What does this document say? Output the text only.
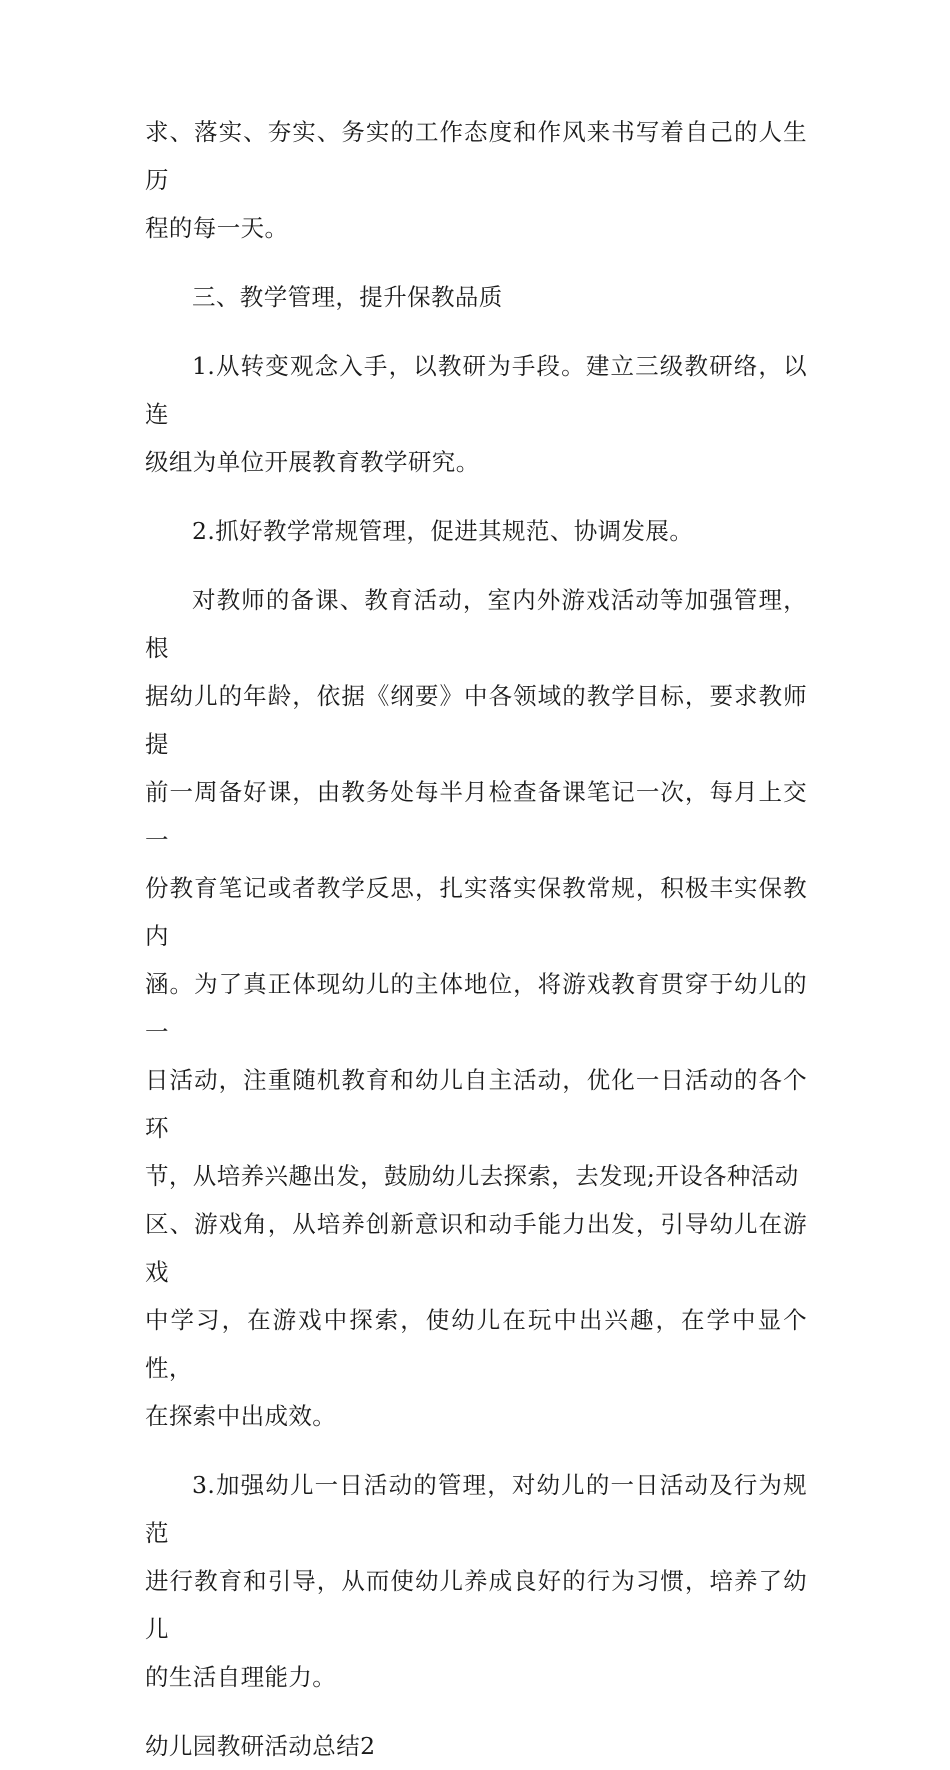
求、落实、夯实、务实的工作态度和作风来书写着自己的人生历
程的每一天。

三、教学管理，提升保教品质

1.从转变观念入手，以教研为手段。建立三级教研络，以连
级组为单位开展教育教学研究。

2.抓好教学常规管理，促进其规范、协调发展。

对教师的备课、教育活动，室内外游戏活动等加强管理，根
据幼儿的年龄，依据《纲要》中各领域的教学目标，要求教师提
前一周备好课，由教务处每半月检查备课笔记一次，每月上交一
份教育笔记或者教学反思，扎实落实保教常规，积极丰实保教内
涵。为了真正体现幼儿的主体地位，将游戏教育贯穿于幼儿的一
日活动，注重随机教育和幼儿自主活动，优化一日活动的各个环
节，从培养兴趣出发，鼓励幼儿去探索，去发现;开设各种活动
区、游戏角，从培养创新意识和动手能力出发，引导幼儿在游戏
中学习，在游戏中探索，使幼儿在玩中出兴趣，在学中显个性，
在探索中出成效。

3.加强幼儿一日活动的管理，对幼儿的一日活动及行为规范
进行教育和引导，从而使幼儿养成良好的行为习惯，培养了幼儿
的生活自理能力。

幼儿园教研活动总结2
